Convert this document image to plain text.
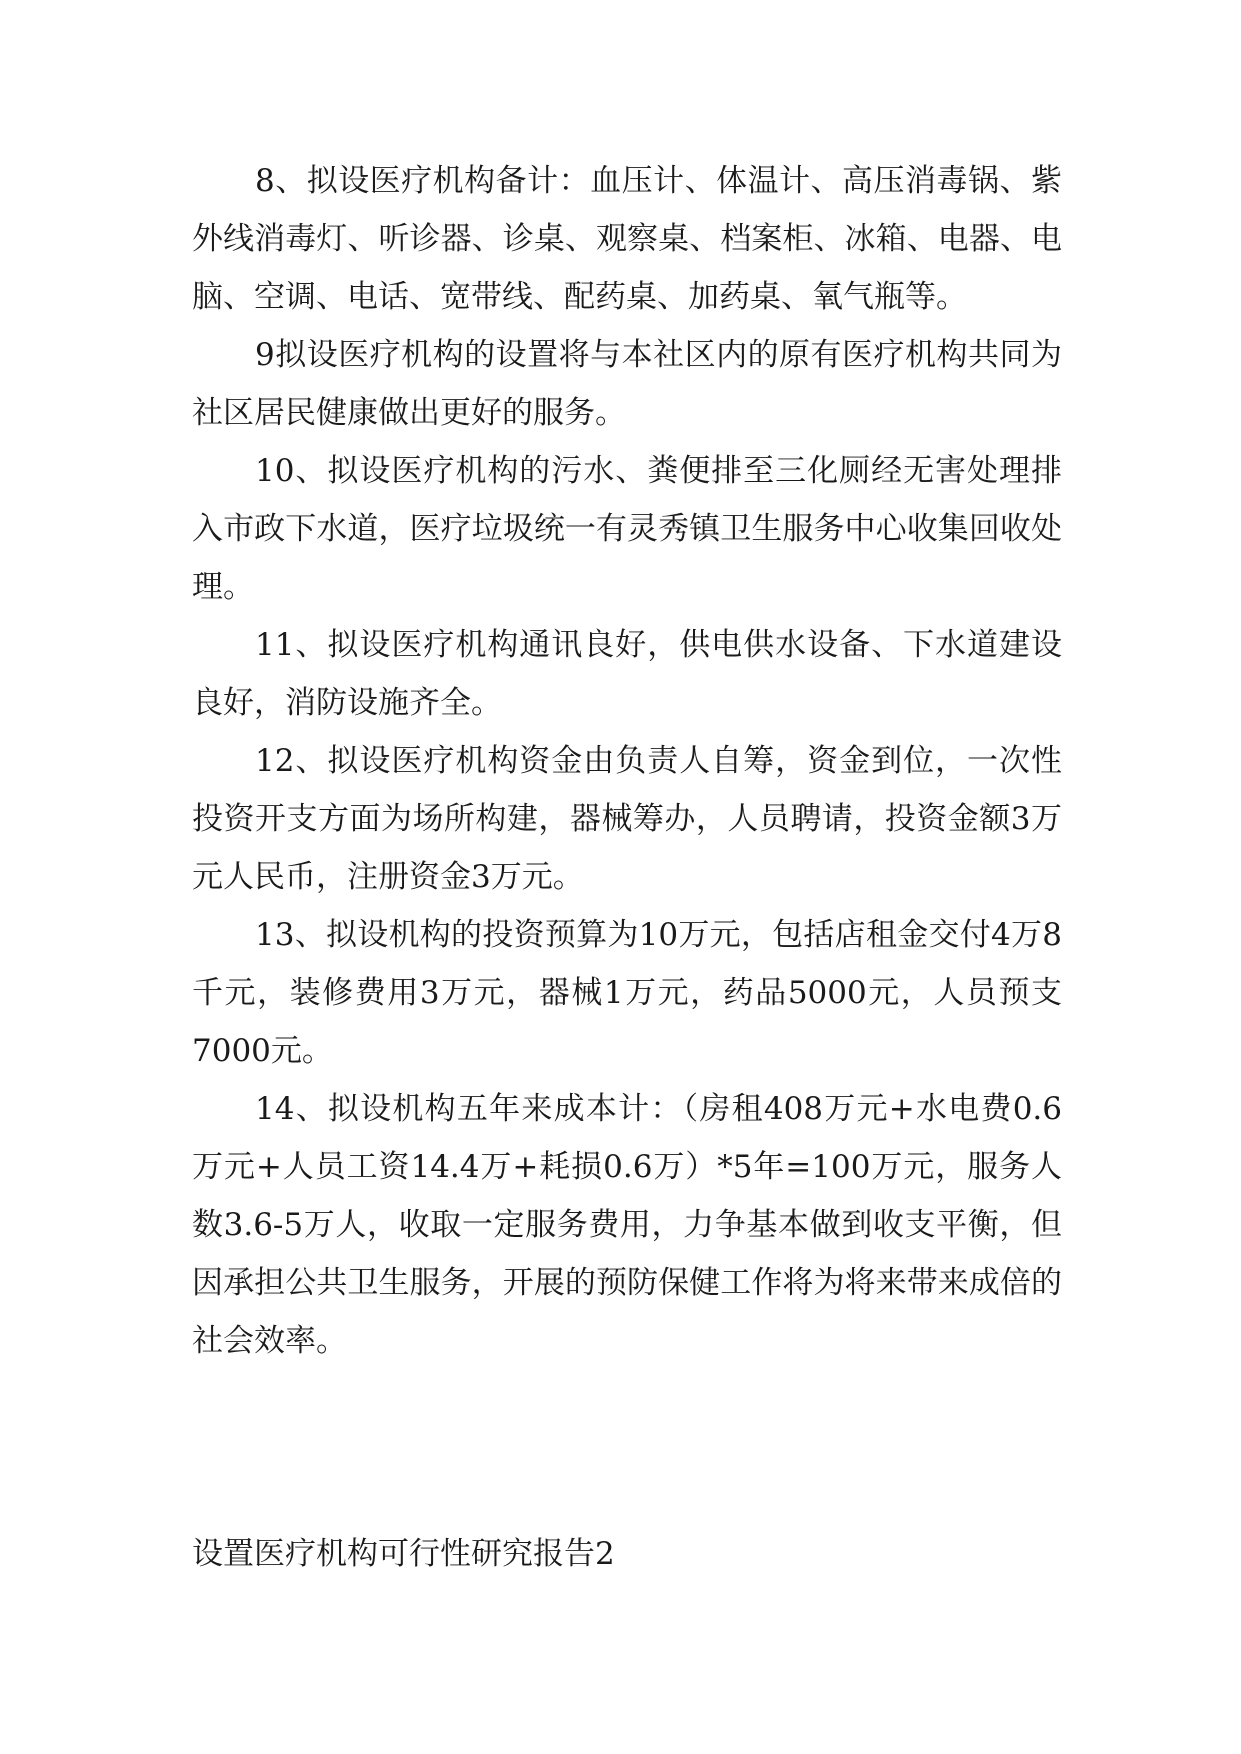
8、拟设医疗机构备计：血压计、体温计、高压消毒锅、紫外线消毒灯、听诊器、诊桌、观察桌、档案柜、冰箱、电器、电脑、空调、电话、宽带线、配药桌、加药桌、氧气瓶等。

9拟设医疗机构的设置将与本社区内的原有医疗机构共同为社区居民健康做出更好的服务。

10、拟设医疗机构的污水、粪便排至三化厕经无害处理排入市政下水道，医疗垃圾统一有灵秀镇卫生服务中心收集回收处理。

11、拟设医疗机构通讯良好，供电供水设备、下水道建设良好，消防设施齐全。

12、拟设医疗机构资金由负责人自筹，资金到位，一次性投资开支方面为场所构建，器械筹办，人员聘请，投资金额3万元人民币，注册资金3万元。

13、拟设机构的投资预算为10万元，包括店租金交付4万8千元，装修费用3万元，器械1万元，药品5000元，人员预支7000元。

14、拟设机构五年来成本计：（房租408万元+水电费0.6万元+人员工资14.4万+耗损0.6万）*5年=100万元，服务人数3.6-5万人，收取一定服务费用，力争基本做到收支平衡，但因承担公共卫生服务，开展的预防保健工作将为将来带来成倍的社会效率。

设置医疗机构可行性研究报告2
